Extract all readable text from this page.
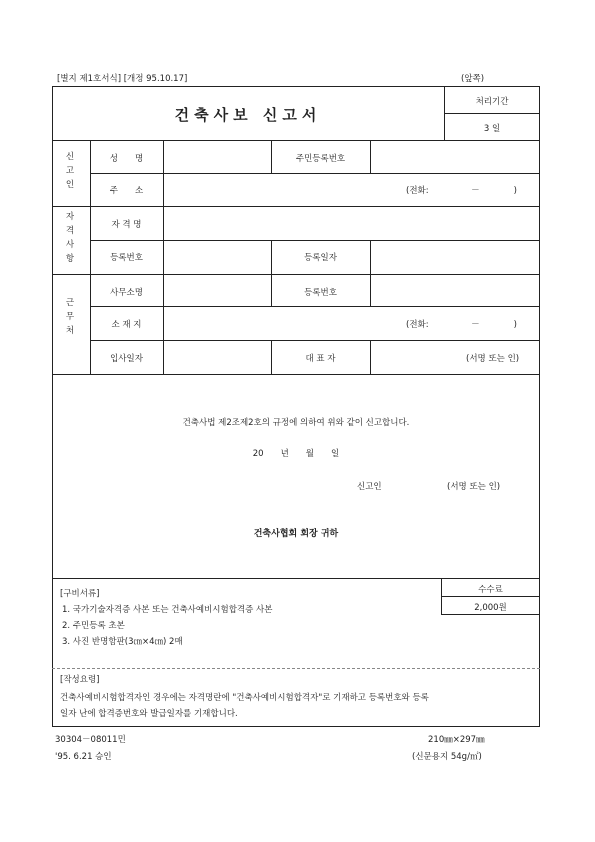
[별지 제1호서식] [개정 95.10.17]	(앞쪽)
건축사보 신고서
처리기간
3 일
신
고
인
성　　명	주민등록번호
주　　소	(전화:　　　　　－　　　　)
자
격
사
항
자 격 명
등록번호	등록일자
근
무
처
사무소명	등록번호
소 재 지	(전화:　　　　　－　　　　)
입사일자	대 표 자	(서명 또는 인)
건축사법 제2조제2호의 규정에 의하여 위와 같이 신고합니다.
20　　년　　월　　일
신고인	(서명 또는 인)
건축사협회 회장 귀하
수수료
2,000원
[구비서류]
1. 국가기술자격증 사본 또는 건축사예비시험합격증 사본
2. 주민등록 초본
3. 사진 반명함판(3㎝×4㎝) 2매
[작성요령]
건축사예비시험합격자인 경우에는 자격명란에 "건축사예비시험합격자"로 기재하고 등록번호와 등록
일자 난에 합격증번호와 발급일자를 기재합니다.
30304－08011민	210㎜×297㎜
'95. 6.21 승인	(신문용지 54g/㎡)
